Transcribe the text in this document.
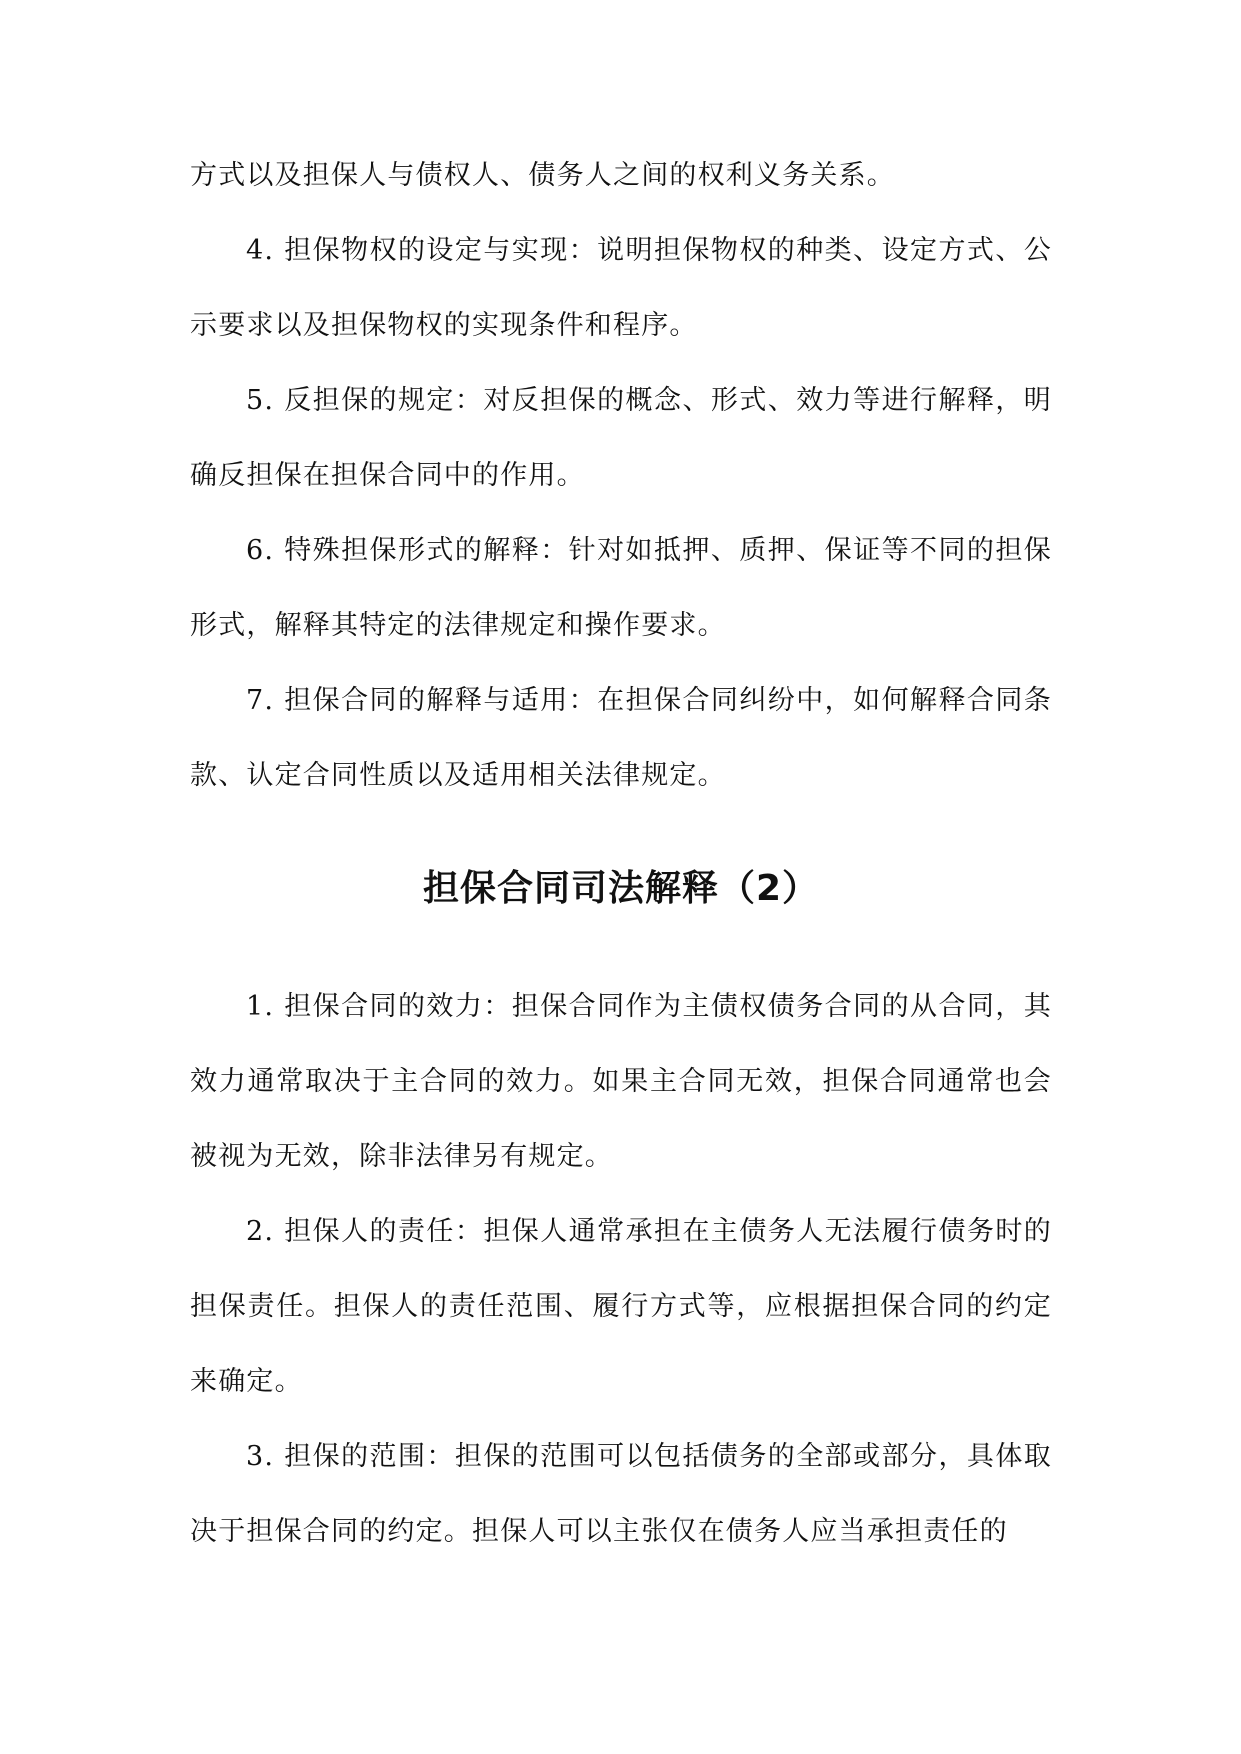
方式以及担保人与债权人、债务人之间的权利义务关系。

4. 担保物权的设定与实现：说明担保物权的种类、设定方式、公示要求以及担保物权的实现条件和程序。

5. 反担保的规定：对反担保的概念、形式、效力等进行解释，明确反担保在担保合同中的作用。

6. 特殊担保形式的解释：针对如抵押、质押、保证等不同的担保形式，解释其特定的法律规定和操作要求。

7. 担保合同的解释与适用：在担保合同纠纷中，如何解释合同条款、认定合同性质以及适用相关法律规定。

担保合同司法解释（2）

1. 担保合同的效力：担保合同作为主债权债务合同的从合同，其效力通常取决于主合同的效力。如果主合同无效，担保合同通常也会被视为无效，除非法律另有规定。

2. 担保人的责任：担保人通常承担在主债务人无法履行债务时的担保责任。担保人的责任范围、履行方式等，应根据担保合同的约定来确定。

3. 担保的范围：担保的范围可以包括债务的全部或部分，具体取决于担保合同的约定。担保人可以主张仅在债务人应当承担责任的
